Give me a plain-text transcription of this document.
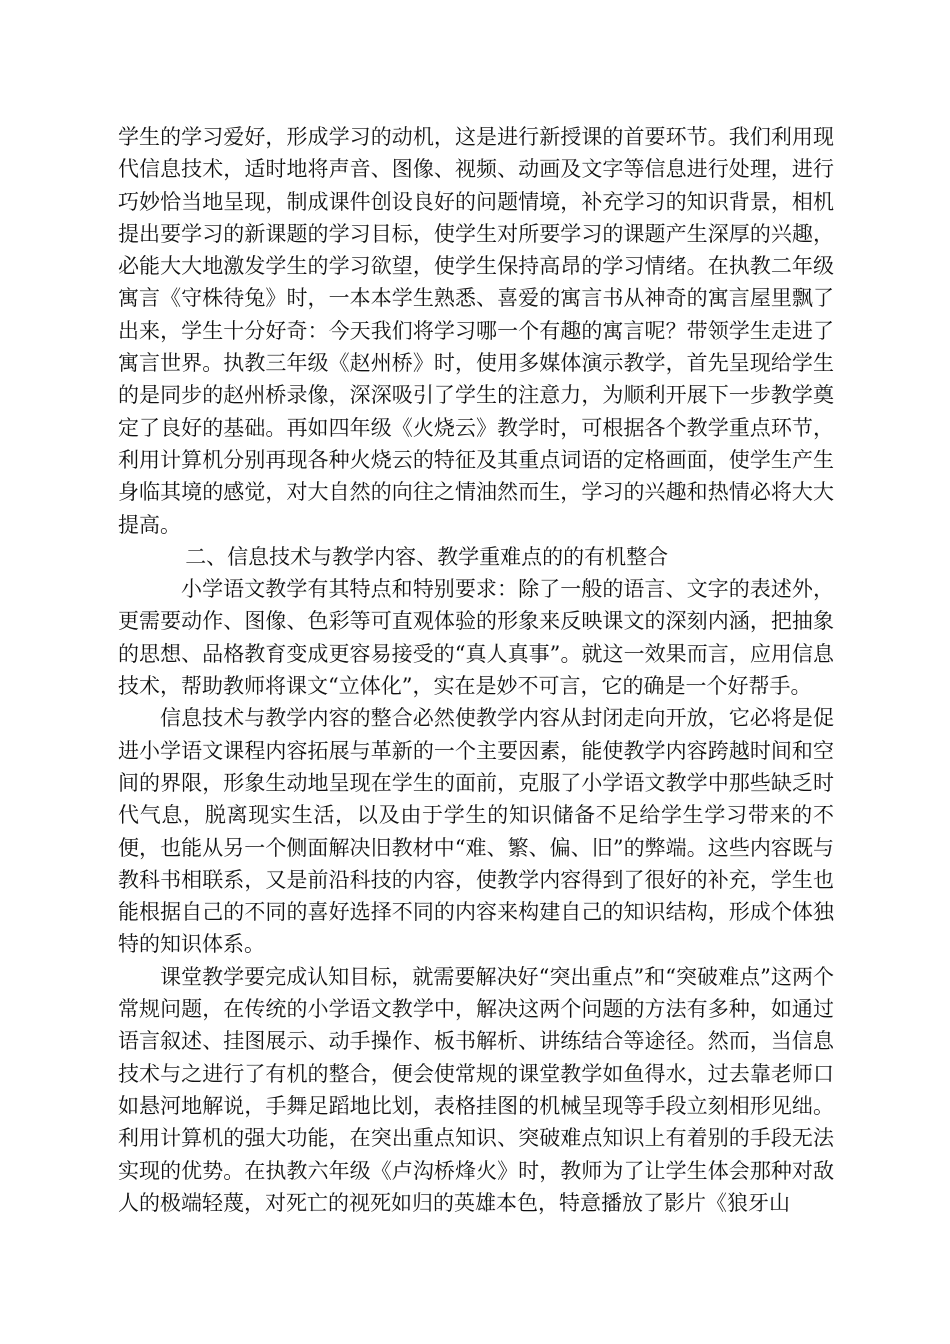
学生的学习爱好，形成学习的动机，这是进行新授课的首要环节。我们利用现代信息技术，适时地将声音、图像、视频、动画及文字等信息进行处理，进行巧妙恰当地呈现，制成课件创设良好的问题情境，补充学习的知识背景，相机提出要学习的新课题的学习目标，使学生对所要学习的课题产生深厚的兴趣，必能大大地激发学生的学习欲望，使学生保持高昂的学习情绪。在执教二年级寓言《守株待兔》时，一本本学生熟悉、喜爱的寓言书从神奇的寓言屋里飘了出来，学生十分好奇：今天我们将学习哪一个有趣的寓言呢？带领学生走进了寓言世界。执教三年级《赵州桥》时，使用多媒体演示教学，首先呈现给学生的是同步的赵州桥录像，深深吸引了学生的注意力，为顺利开展下一步教学奠定了良好的基础。再如四年级《火烧云》教学时，可根据各个教学重点环节，利用计算机分别再现各种火烧云的特征及其重点词语的定格画面，使学生产生身临其境的感觉，对大自然的向往之情油然而生，学习的兴趣和热情必将大大提高。

二、信息技术与教学内容、教学重难点的的有机整合

小学语文教学有其特点和特别要求：除了一般的语言、文字的表述外，更需要动作、图像、色彩等可直观体验的形象来反映课文的深刻内涵，把抽象的思想、品格教育变成更容易接受的“真人真事”。就这一效果而言，应用信息技术，帮助教师将课文“立体化”，实在是妙不可言，它的确是一个好帮手。

信息技术与教学内容的整合必然使教学内容从封闭走向开放，它必将是促进小学语文课程内容拓展与革新的一个主要因素，能使教学内容跨越时间和空间的界限，形象生动地呈现在学生的面前，克服了小学语文教学中那些缺乏时代气息，脱离现实生活，以及由于学生的知识储备不足给学生学习带来的不便，也能从另一个侧面解决旧教材中“难、繁、偏、旧”的弊端。这些内容既与教科书相联系，又是前沿科技的内容，使教学内容得到了很好的补充，学生也能根据自己的不同的喜好选择不同的内容来构建自己的知识结构，形成个体独特的知识体系。

课堂教学要完成认知目标，就需要解决好“突出重点”和“突破难点”这两个常规问题，在传统的小学语文教学中，解决这两个问题的方法有多种，如通过语言叙述、挂图展示、动手操作、板书解析、讲练结合等途径。然而，当信息技术与之进行了有机的整合，便会使常规的课堂教学如鱼得水，过去靠老师口如悬河地解说，手舞足蹈地比划，表格挂图的机械呈现等手段立刻相形见绌。利用计算机的强大功能，在突出重点知识、突破难点知识上有着别的手段无法实现的优势。在执教六年级《卢沟桥烽火》时，教师为了让学生体会那种对敌人的极端轻蔑，对死亡的视死如归的英雄本色，特意播放了影片《狼牙山
